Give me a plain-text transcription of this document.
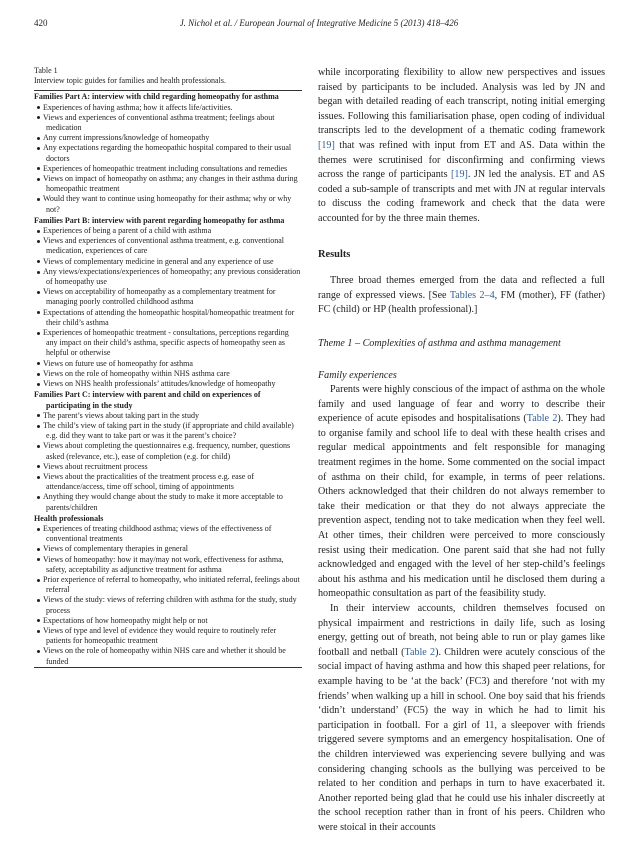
420	J. Nichol et al. / European Journal of Integrative Medicine 5 (2013) 418–426
Table 1
Interview topic guides for families and health professionals.
Families Part A: interview with child regarding homeopathy for asthma
Experiences of having asthma; how it affects life/activities.
Views and experiences of conventional asthma treatment; feelings about medication
Any current impressions/knowledge of homeopathy
Any expectations regarding the homeopathic hospital compared to their usual doctors
Experiences of homeopathic treatment including consultations and remedies
Views on impact of homeopathy on asthma; any changes in their asthma during homeopathic treatment
Would they want to continue using homeopathy for their asthma; why or why not?
Families Part B: interview with parent regarding homeopathy for asthma
Experiences of being a parent of a child with asthma
Views and experiences of conventional asthma treatment, e.g. conventional medication, experiences of care
Views of complementary medicine in general and any experience of use
Any views/expectations/experiences of homeopathy; any previous consideration of homeopathy use
Views on acceptability of homeopathy as a complementary treatment for managing poorly controlled childhood asthma
Expectations of attending the homeopathic hospital/homeopathic treatment for their child’s asthma
Experiences of homeopathic treatment - consultations, perceptions regarding any impact on their child’s asthma, specific aspects of homeopathy seen as helpful or otherwise
Views on future use of homeopathy for asthma
Views on the role of homeopathy within NHS asthma care
Views on NHS health professionals’ attitudes/knowledge of homeopathy
Families Part C: interview with parent and child on experiences of participating in the study
The parent’s views about taking part in the study
The child’s view of taking part in the study (if appropriate and child available) e.g. did they want to take part or was it the parent’s choice?
Views about completing the questionnaires e.g. frequency, number, questions asked (relevance, etc.), ease of completion (e.g. for child)
Views about recruitment process
Views about the practicalities of the treatment process e.g. ease of attendance/access, time off school, timing of appointments
Anything they would change about the study to make it more acceptable to parents/children
Health professionals
Experiences of treating childhood asthma; views of the effectiveness of conventional treatments
Views of complementary therapies in general
Views of homeopathy: how it may/may not work, effectiveness for asthma, safety, acceptability as adjunctive treatment for asthma
Prior experience of referral to homeopathy, who initiated referral, feelings about referral
Views of the study: views of referring children with asthma for the study, study process
Expectations of how homeopathy might help or not
Views of type and level of evidence they would require to routinely refer patients for homeopathic treatment
Views on the role of homeopathy within NHS care and whether it should be funded

while incorporating flexibility to allow new perspectives and issues raised by participants to be included. Analysis was led by JN and began with detailed reading of each transcript, noting initial emerging issues. Following this familiarisation phase, open coding of individual transcripts led to the development of a thematic coding framework [19] that was refined with input from ET and AS. Data within the themes were scrutinised for disconfirming and confirming views across the range of participants [19]. JN led the analysis. ET and AS coded a sub-sample of transcripts and met with JN at regular intervals to discuss the coding framework and check that the data were accounted for by the three main themes.

Results

Three broad themes emerged from the data and reflected a full range of expressed views. [See Tables 2–4, FM (mother), FF (father) FC (child) or HP (health professional).]

Theme 1 – Complexities of asthma and asthma management
Family experiences

Parents were highly conscious of the impact of asthma on the whole family and used language of fear and worry to describe their experience of acute episodes and hospitalisations (Table 2). They had to organise family and school life to deal with these health crises and regular medical appointments and felt responsible for managing treatment regimes in the home. Some commented on the social impact of asthma on their child, for example, in terms of peer relations. Others acknowledged that their children do not always remember to take their medication or that they do not always appreciate the prevention aspect, tending not to take medication when they feel well. At other times, their children were perceived to more consciously resist using their medication. One parent said that she had not fully acknowledged and engaged with the level of her step-child’s feelings about his asthma and his medication until he disclosed them during a homeopathic consultation as part of the feasibility study.

In their interview accounts, children themselves focused on physical impairment and restrictions in daily life, such as losing energy, getting out of breath, not being able to run or play games like football and netball (Table 2). Children were acutely conscious of the social impact of having asthma and how this shaped peer relations, for example having to be ‘at the back’ (FC3) and therefore ‘not with my friends’ when walking up a hill in school. One boy said that his friends ‘didn’t understand’ (FC5) the way in which he had to limit his participation in football. For a girl of 11, a sleepover with friends triggered severe symptoms and an emergency hospitalisation. One of the children interviewed was experiencing severe bullying and was considering changing schools as the bullying was perceived to be related to her condition and perhaps in turn to have exacerbated it. Another reported being glad that he could use his inhaler discreetly at the school reception rather than in front of his peers. Children who were stoical in their accounts
